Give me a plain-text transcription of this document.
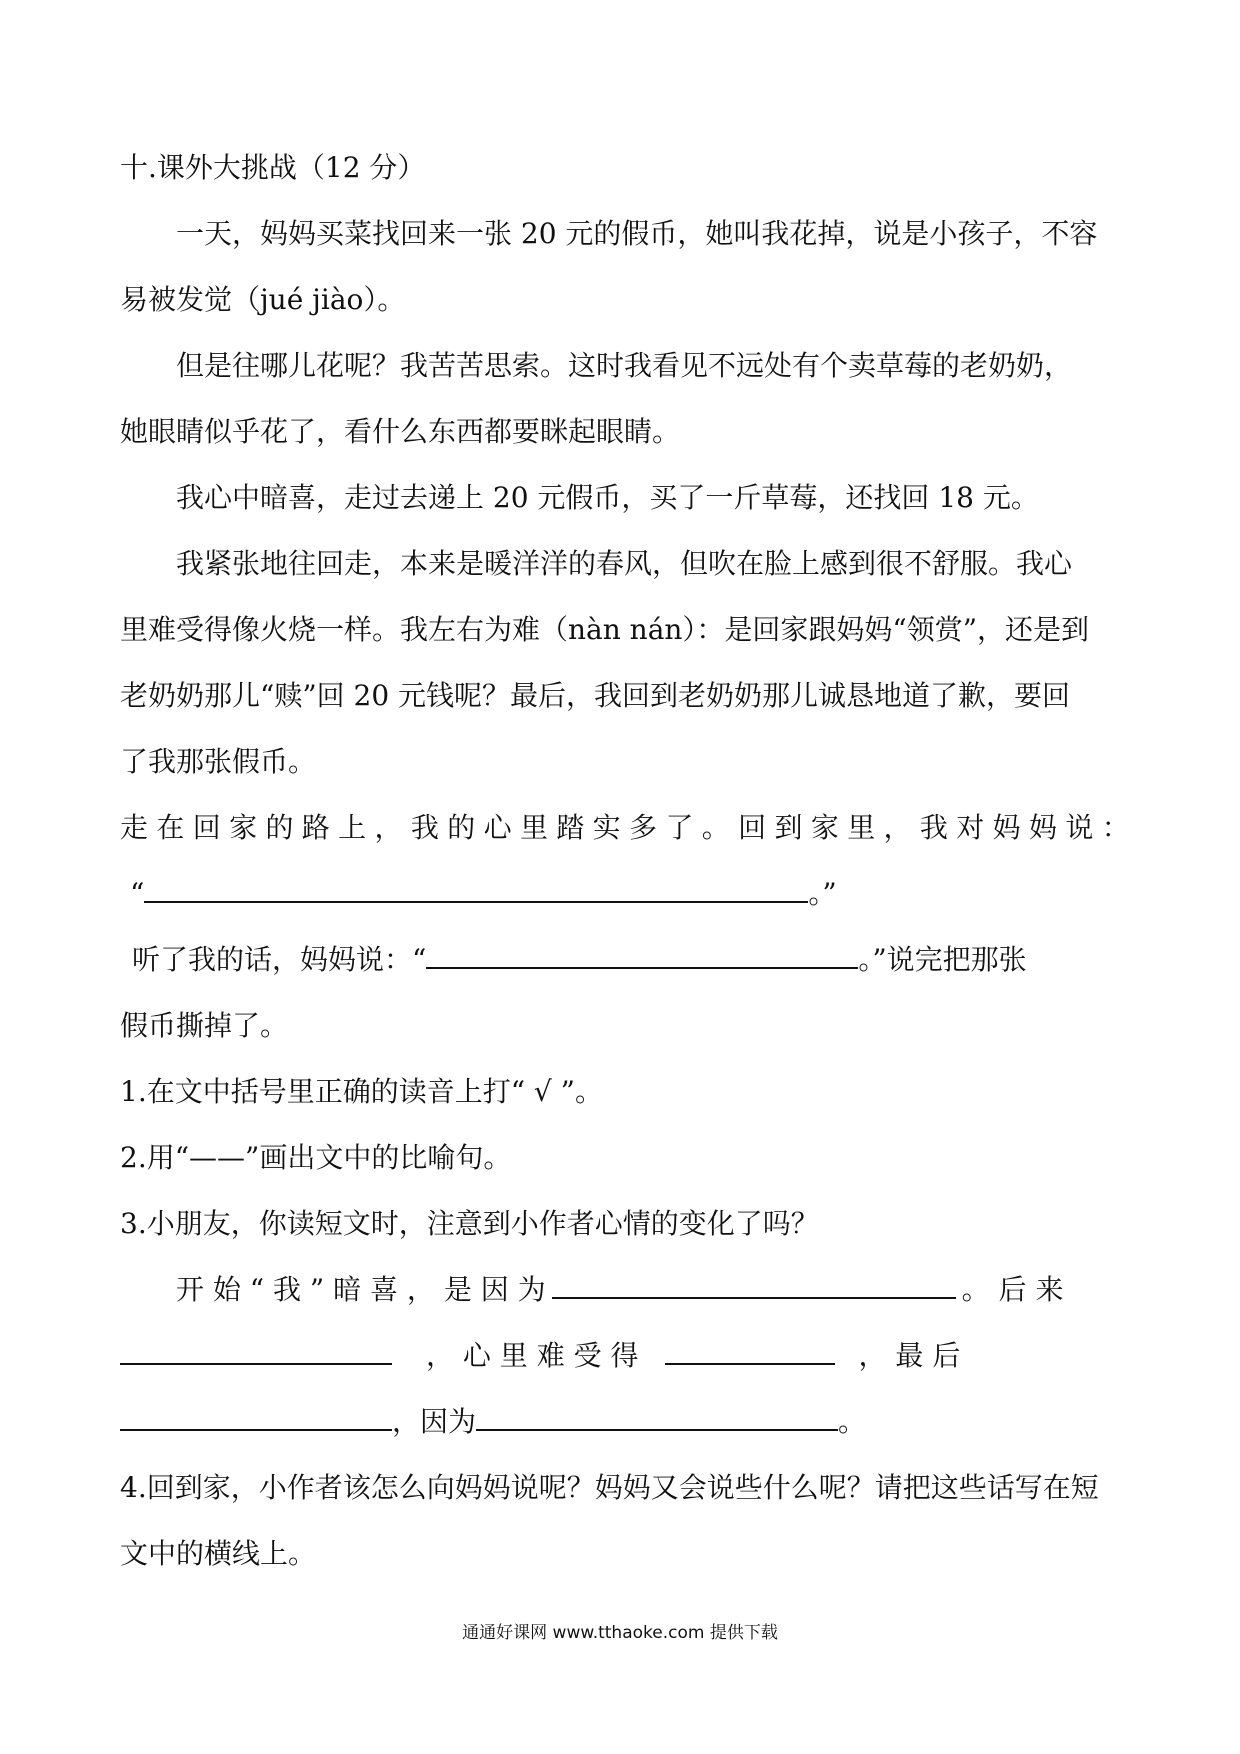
十.课外大挑战（12 分）
一天，妈妈买菜找回来一张 20 元的假币，她叫我花掉，说是小孩子，不容
易被发觉（jué jiào）。
但是往哪儿花呢？我苦苦思索。这时我看见不远处有个卖草莓的老奶奶，
她眼睛似乎花了，看什么东西都要眯起眼睛。
我心中暗喜，走过去递上 20 元假币，买了一斤草莓，还找回 18 元。
我紧张地往回走，本来是暖洋洋的春风，但吹在脸上感到很不舒服。我心
里难受得像火烧一样。我左右为难（nàn nán）：是回家跟妈妈“领赏”，还是到
老奶奶那儿“赎”回 20 元钱呢？最后，我回到老奶奶那儿诚恳地道了歉，要回
了我那张假币。
走 在 回 家 的 路 上 ， 我 的 心 里 踏 实 多 了 。 回 到 家 里 ， 我 对 妈 妈 说 ：
“	。”
听了我的话，妈妈说：“	。”说完把那张
假币撕掉了。
1.在文中括号里正确的读音上打“ √ ”。
2.用“——”画出文中的比喻句。
3.小朋友，你读短文时，注意到小作者心情的变化了吗？
开 始 “ 我 ” 暗 喜 ， 是 因 为	。 后 来
， 心 里 难 受 得	， 最 后
，因为	。
4.回到家，小作者该怎么向妈妈说呢？妈妈又会说些什么呢？请把这些话写在短
文中的横线上。
通通好课网 www.tthaoke.com 提供下载
